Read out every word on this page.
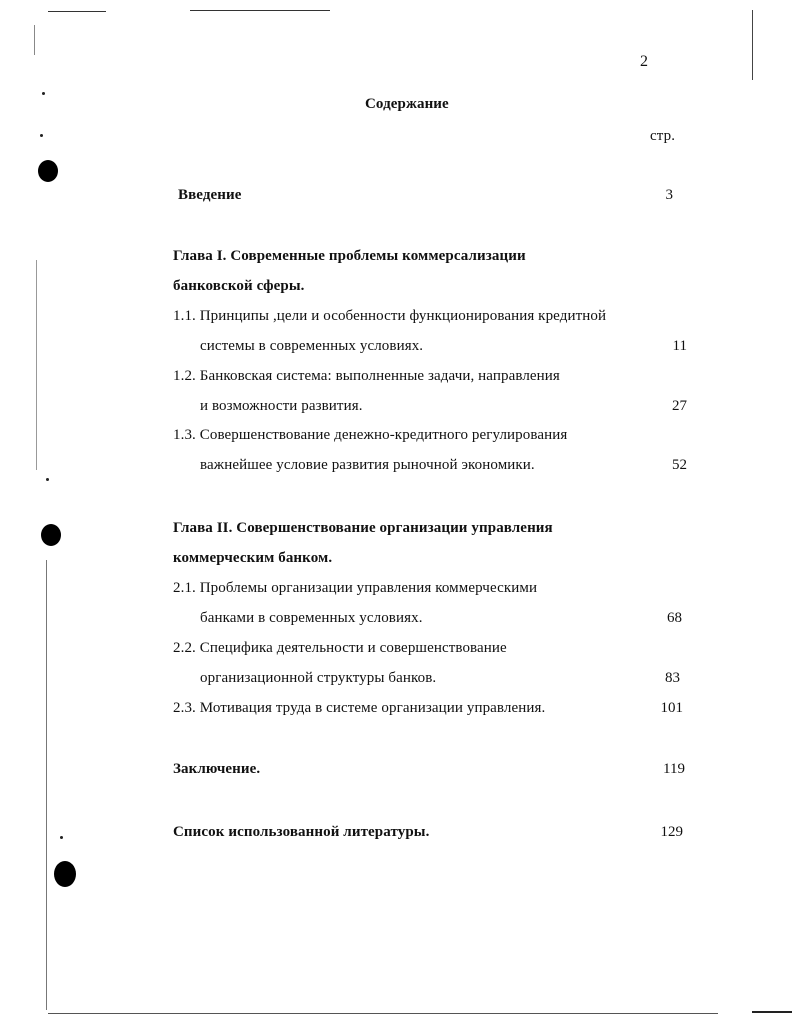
2
Содержание
стр.
Введение	3
Глава I. Современные проблемы коммерсализации
банковской сферы.
1.1. Принципы ,цели и особенности функционирования кредитной
системы в современных условиях.	11
1.2. Банковская система: выполненные задачи, направления
и возможности развития.	27
1.3. Совершенствование денежно-кредитного регулирования
важнейшее условие развития рыночной экономики.	52
Глава II. Совершенствование организации управления
коммерческим банком.
2.1. Проблемы организации управления коммерческими
банками в современных условиях.	68
2.2. Специфика деятельности и совершенствование
организационной структуры банков.	83
2.3. Мотивация труда в системе организации управления.	101
Заключение.	119
Список использованной литературы.	129
